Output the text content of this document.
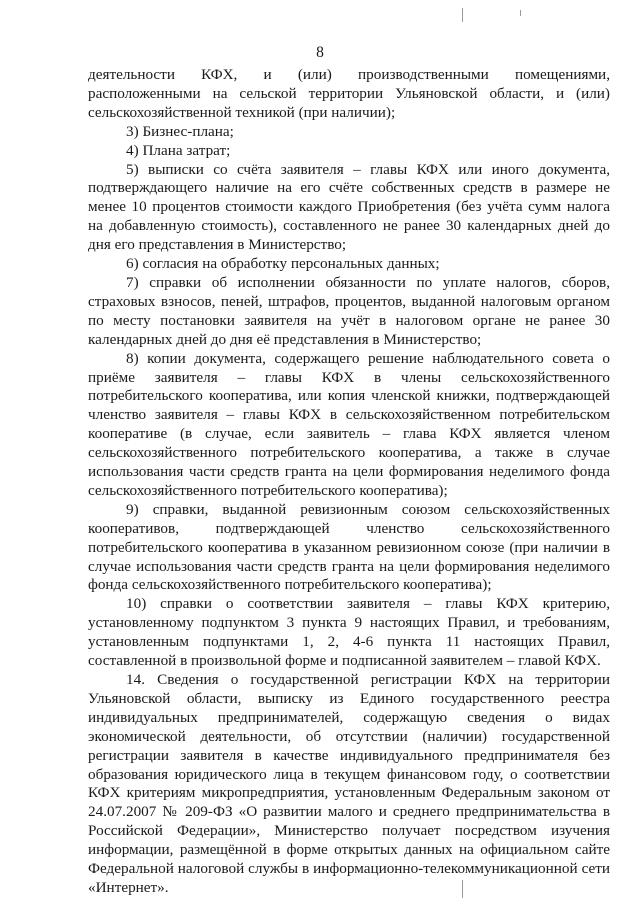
8

деятельности КФХ, и (или) производственными помещениями, расположенными на сельской территории Ульяновской области, и (или) сельскохозяйственной техникой (при наличии);

3) Бизнес-плана;

4) Плана затрат;

5) выписки со счёта заявителя – главы КФХ или иного документа, подтверждающего наличие на его счёте собственных средств в размере не менее 10 процентов стоимости каждого Приобретения (без учёта сумм налога на добавленную стоимость), составленного не ранее 30 календарных дней до дня его представления в Министерство;

6) согласия на обработку персональных данных;

7) справки об исполнении обязанности по уплате налогов, сборов, страховых взносов, пеней, штрафов, процентов, выданной налоговым органом по месту постановки заявителя на учёт в налоговом органе не ранее 30 календарных дней до дня её представления в Министерство;

8) копии документа, содержащего решение наблюдательного совета о приёме заявителя – главы КФХ в члены сельскохозяйственного потребительского кооператива, или копия членской книжки, подтверждающей членство заявителя – главы КФХ в сельскохозяйственном потребительском кооперативе (в случае, если заявитель – глава КФХ является членом сельскохозяйственного потребительского кооператива, а также в случае использования части средств гранта на цели формирования неделимого фонда сельскохозяйственного потребительского кооператива);

9) справки, выданной ревизионным союзом сельскохозяйственных кооперативов, подтверждающей членство сельскохозяйственного потребительского кооператива в указанном ревизионном союзе (при наличии в случае использования части средств гранта на цели формирования неделимого фонда сельскохозяйственного потребительского кооператива);

10) справки о соответствии заявителя – главы КФХ критерию, установленному подпунктом 3 пункта 9 настоящих Правил, и требованиям, установленным подпунктами 1, 2, 4-6 пункта 11 настоящих Правил, составленной в произвольной форме и подписанной заявителем – главой КФХ.

14. Сведения о государственной регистрации КФХ на территории Ульяновской области, выписку из Единого государственного реестра индивидуальных предпринимателей, содержащую сведения о видах экономической деятельности, об отсутствии (наличии) государственной регистрации заявителя в качестве индивидуального предпринимателя без образования юридического лица в текущем финансовом году, о соответствии КФХ критериям микропредприятия, установленным Федеральным законом от 24.07.2007 № 209-ФЗ «О развитии малого и среднего предпринимательства в Российской Федерации», Министерство получает посредством изучения информации, размещённой в форме открытых данных на официальном сайте Федеральной налоговой службы в информационно-телекоммуникационной сети «Интернет».
